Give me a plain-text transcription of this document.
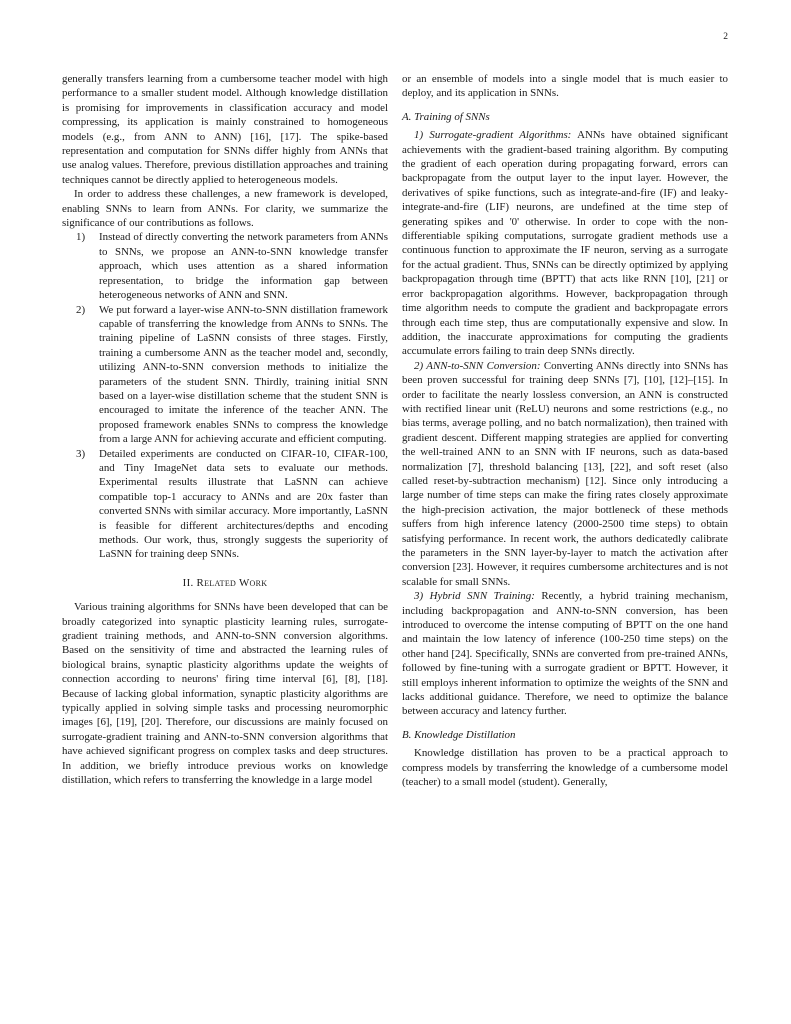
2

generally transfers learning from a cumbersome teacher model with high performance to a smaller student model. Although knowledge distillation is promising for improvements in classification accuracy and model compressing, its application is mainly constrained to homogeneous models (e.g., from ANN to ANN) [16], [17]. The spike-based representation and computation for SNNs differ highly from ANNs that use analog values. Therefore, previous distillation approaches and training techniques cannot be directly applied to heterogeneous models.

In order to address these challenges, a new framework is developed, enabling SNNs to learn from ANNs. For clarity, we summarize the significance of our contributions as follows.

1) Instead of directly converting the network parameters from ANNs to SNNs, we propose an ANN-to-SNN knowledge transfer approach, which uses attention as a shared information representation, to bridge the information gap between heterogeneous networks of ANN and SNN.
2) We put forward a layer-wise ANN-to-SNN distillation framework capable of transferring the knowledge from ANNs to SNNs. The training pipeline of LaSNN consists of three stages. Firstly, training a cumbersome ANN as the teacher model and, secondly, utilizing ANN-to-SNN conversion methods to initialize the parameters of the student SNN. Thirdly, training initial SNN based on a layer-wise distillation scheme that the student SNN is encouraged to imitate the inference of the teacher ANN. The proposed framework enables SNNs to compress the knowledge from a large ANN for achieving accurate and efficient computing.
3) Detailed experiments are conducted on CIFAR-10, CIFAR-100, and Tiny ImageNet data sets to evaluate our methods. Experimental results illustrate that LaSNN can achieve compatible top-1 accuracy to ANNs and are 20x faster than converted SNNs with similar accuracy. More importantly, LaSNN is feasible for different architectures/depths and encoding methods. Our work, thus, strongly suggests the superiority of LaSNN for training deep SNNs.
II. Related Work

Various training algorithms for SNNs have been developed that can be broadly categorized into synaptic plasticity learning rules, surrogate-gradient training methods, and ANN-to-SNN conversion algorithms. Based on the sensitivity of time and abstracted the learning rules of biological brains, synaptic plasticity algorithms update the weights of connection according to neurons' firing time interval [6], [8], [18]. Because of lacking global information, synaptic plasticity algorithms are typically applied in solving simple tasks and processing neuromorphic images [6], [19], [20]. Therefore, our discussions are mainly focused on surrogate-gradient training and ANN-to-SNN conversion algorithms that have achieved significant progress on complex tasks and deep structures. In addition, we briefly introduce previous works on knowledge distillation, which refers to transferring the knowledge in a large model

or an ensemble of models into a single model that is much easier to deploy, and its application in SNNs.

A. Training of SNNs

1) Surrogate-gradient Algorithms: ANNs have obtained significant achievements with the gradient-based training algorithm. By computing the gradient of each operation during propagating forward, errors can backpropagate from the output layer to the input layer. However, the derivatives of spike functions, such as integrate-and-fire (IF) and leaky-integrate-and-fire (LIF) neurons, are undefined at the time step of generating spikes and '0' otherwise. In order to cope with the non-differentiable spiking computations, surrogate gradient methods use a continuous function to approximate the IF neuron, serving as a surrogate for the actual gradient. Thus, SNNs can be directly optimized by applying backpropagation through time (BPTT) that acts like RNN [10], [21] or error backpropagation algorithms. However, backpropagation through time algorithm needs to compute the gradient and backpropagate errors through each time step, thus are computationally expensive and slow. In addition, the inaccurate approximations for computing the gradients accumulate errors failing to train deep SNNs directly.

2) ANN-to-SNN Conversion: Converting ANNs directly into SNNs has been proven successful for training deep SNNs [7], [10], [12]–[15]. In order to facilitate the nearly lossless conversion, an ANN is constructed with rectified linear unit (ReLU) neurons and some restrictions (e.g., no bias terms, average polling, and no batch normalization), then trained with gradient descent. Different mapping strategies are applied for converting the well-trained ANN to an SNN with IF neurons, such as data-based normalization [7], threshold balancing [13], [22], and soft reset (also called reset-by-subtraction mechanism) [12]. Since only introducing a large number of time steps can make the firing rates closely approximate the high-precision activation, the major bottleneck of these methods suffers from high inference latency (2000-2500 time steps) to obtain satisfying performance. In recent work, the authors dedicatedly calibrate the parameters in the SNN layer-by-layer to match the activation after conversion [23]. However, it requires cumbersome architectures and is not scalable for small SNNs.

3) Hybrid SNN Training: Recently, a hybrid training mechanism, including backpropagation and ANN-to-SNN conversion, has been introduced to overcome the intense computing of BPTT on the one hand and maintain the low latency of inference (100-250 time steps) on the other hand [24]. Specifically, SNNs are converted from pre-trained ANNs, followed by fine-tuning with a surrogate gradient or BPTT. However, it still employs inherent information to optimize the weights of the SNN and lacks additional guidance. Therefore, we need to optimize the balance between accuracy and latency further.

B. Knowledge Distillation

Knowledge distillation has proven to be a practical approach to compress models by transferring the knowledge of a cumbersome model (teacher) to a small model (student). Generally,
